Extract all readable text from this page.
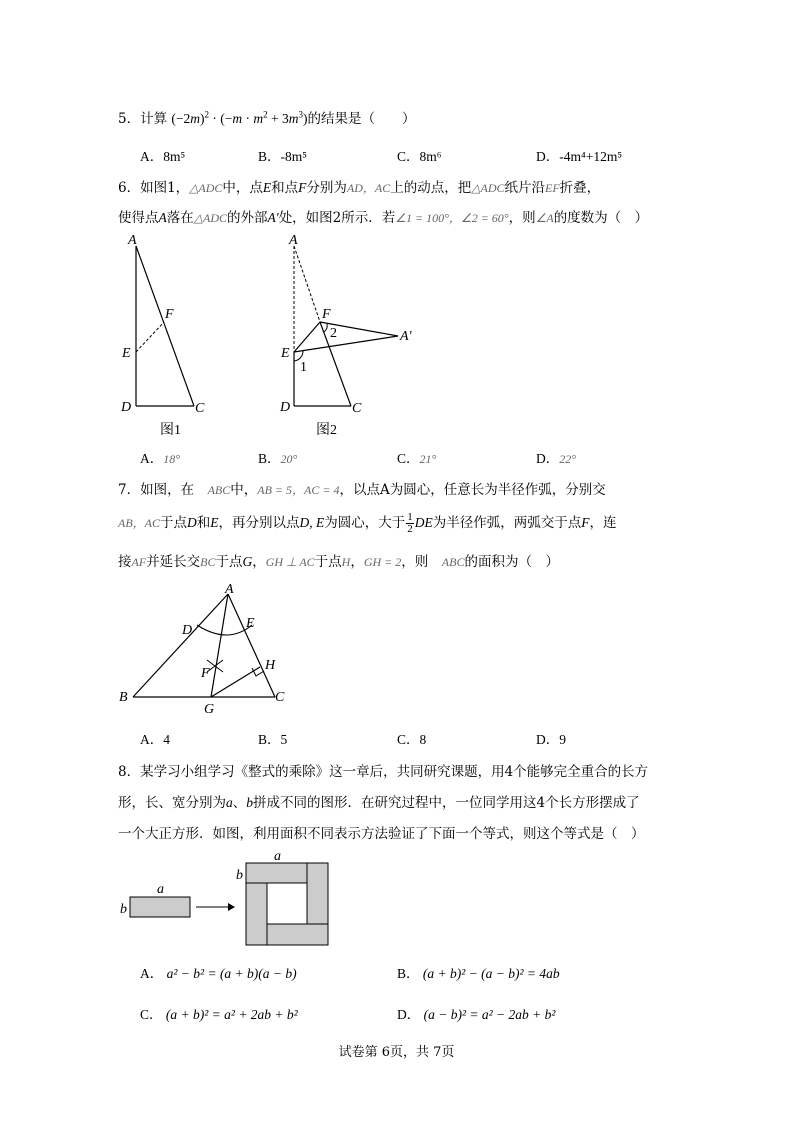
5．计算 $(-2m)^2 \cdot (-m \cdot m^2 + 3m^3)$的结果是（　　）
A．8m⁵	B．-8m⁵	C．8m⁶	D．-4m⁴+12m⁵
6．如图1，△ADC中，点E和点F分别为AD，AC上的动点，把△ADC纸片沿EF折叠，
使得点A落在△ADC的外部A′处，如图2所示．若∠1 = 100°，∠2 = 60°，则∠A的度数为（　）
A
F
E
D	C
图1
A
F
2	A′
E
1
D	C
图2
A．18°	B．20°	C．21°	D．22°
7．如图，在　ABC中，AB = 5，AC = 4，以点A为圆心，任意长为半径作弧，分别交
AB，AC于点D和E，再分别以点D, E为圆心，大于 $\frac{1}{2}$ DE为半径作弧，两弧交于点F，连
接AF并延长交BC于点G，GH ⊥ AC于点H，GH = 2，则　ABC的面积为（　）
A
D	E
F
H
B
G
C
A．4	B．5	C．8	D．9
8．某学习小组学习《整式的乘除》这一章后，共同研究课题，用4个能够完全重合的长方
形，长、宽分别为a、b拼成不同的图形．在研究过程中，一位同学用这4个长方形摆成了
一个大正方形．如图，利用面积不同表示方法验证了下面一个等式，则这个等式是（　）
a
b
a
b
A． a² − b² = (a + b)(a − b)	B． (a + b)² − (a − b)² = 4ab
C． (a + b)² = a² + 2ab + b²	D． (a − b)² = a² − 2ab + b²
试卷第 6页，共 7页
